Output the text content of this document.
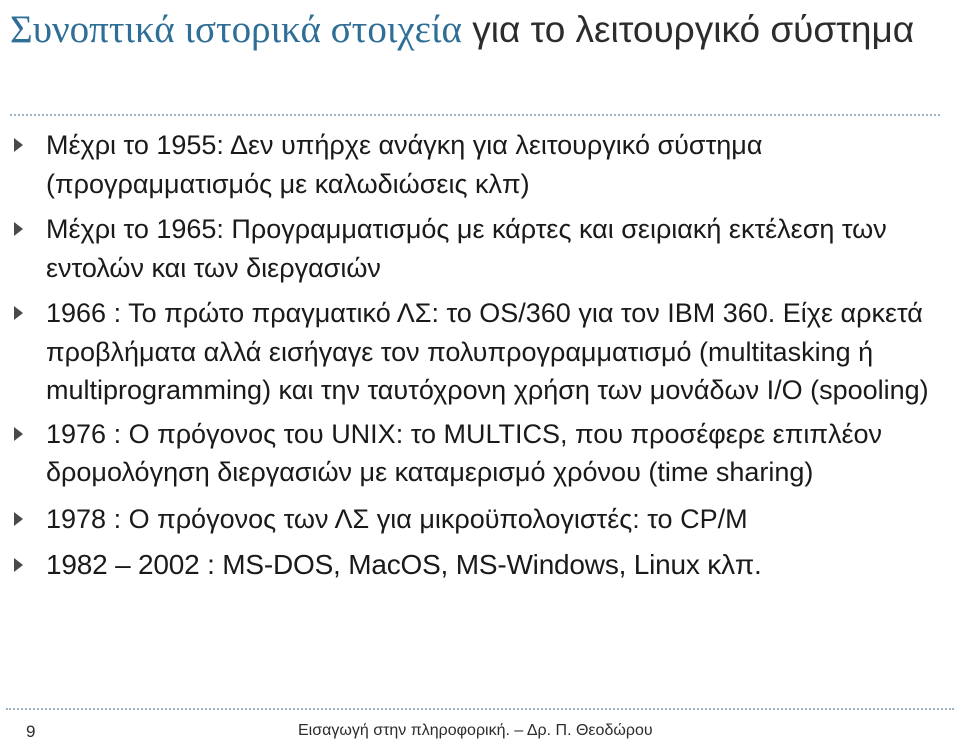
Συνοπτικά ιστορικά στοιχεία για το λειτουργικό σύστημα
Μέχρι το 1955: Δεν υπήρχε ανάγκη για λειτουργικό σύστημα (προγραμματισμός με καλωδιώσεις κλπ)
Μέχρι το 1965: Προγραμματισμός με κάρτες και σειριακή εκτέλεση των εντολών και των διεργασιών
1966 : Το πρώτο πραγματικό ΛΣ: το OS/360 για τον IBM 360. Είχε αρκετά προβλήματα αλλά εισήγαγε τον πολυπρογραμματισμό (multitasking ή multiprogramming) και την ταυτόχρονη χρήση των μονάδων I/O (spooling)
1976 : Ο πρόγονος του UNIX: το MULTICS, που προσέφερε επιπλέον δρομολόγηση διεργασιών με καταμερισμό χρόνου (time sharing)
1978 : Ο πρόγονος των ΛΣ για μικροϋπολογιστές: το CP/M
1982 – 2002 : MS-DOS, MacOS, MS-Windows, Linux κλπ.
9	Εισαγωγή στην πληροφορική. – Δρ. Π. Θεοδώρου
